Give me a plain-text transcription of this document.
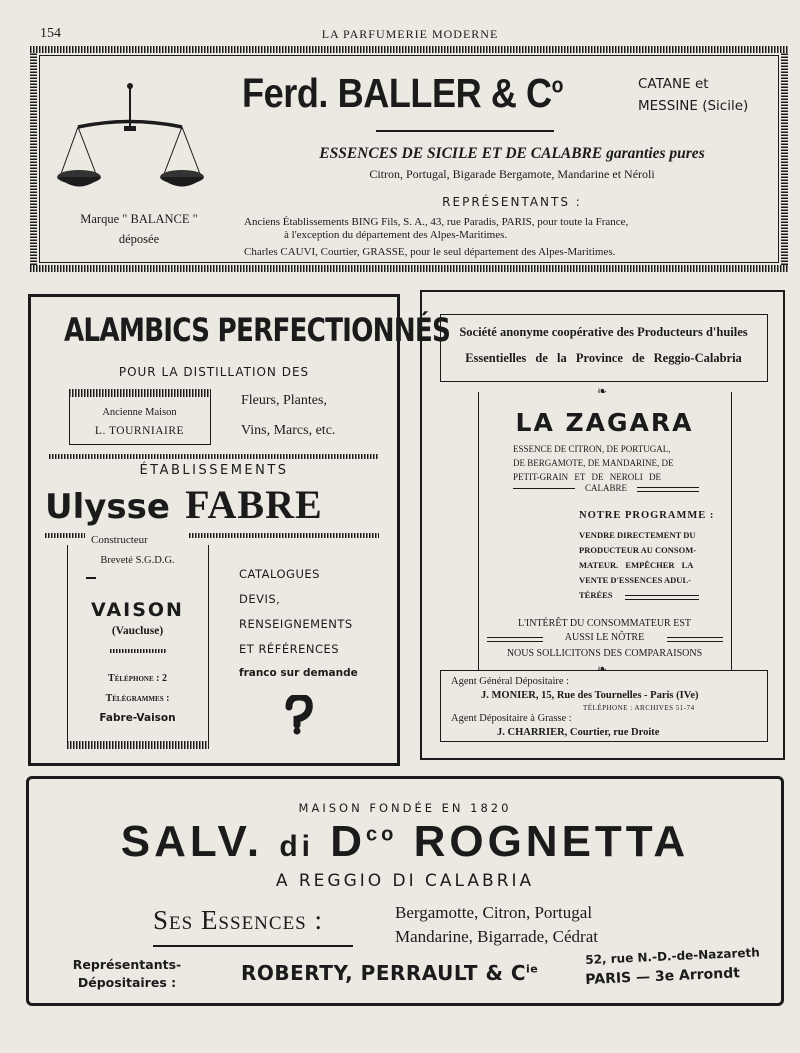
154	LA PARFUMERIE MODERNE
Marque " BALANCE "
déposée
Ferd. BALLER & $C^o$	CATANE et
MESSINE (Sicile)
ESSENCES DE SICILE ET DE CALABRE garanties pures
Citron, Portugal, Bigarade Bergamote, Mandarine et Néroli
REPRÉSENTANTS :
Anciens Établissements BING Fils, S. A., 43, rue Paradis, PARIS, pour toute la France,
à l'exception du département des Alpes-Maritimes.
Charles CAUVI, Courtier, GRASSE, pour le seul département des Alpes-Maritimes.
ALAMBICS PERFECTIONNÉS
POUR LA DISTILLATION DES
Ancienne Maison
L. TOURNIAIRE
Fleurs, Plantes,
Vins, Marcs, etc.
ÉTABLISSEMENTS
Ulysse FABRE
Constructeur
Breveté S.G.D.G.
VAISON
(Vaucluse)
Téléphone : 2
Télégrammes :
Fabre-Vaison
CATALOGUES
DEVIS,
RENSEIGNEMENTS
ET RÉFÉRENCES
franco sur demande
Société anonyme coopérative des Producteurs d'huiles
Essentielles de la Province de Reggio-Calabria
❧
LA ZAGARA
ESSENCE DE CITRON, DE PORTUGAL,
DE BERGAMOTE, DE MANDARINE, DE
PETIT-GRAIN ET DE NEROLI DE
CALABRE
NOTRE PROGRAMME :
VENDRE DIRECTEMENT DU
PRODUCTEUR AU CONSOM-
MATEUR. EMPÊCHER LA
VENTE D'ESSENCES ADUL-
TÉRÉES
L'INTÉRÊT DU CONSOMMATEUR EST
AUSSI LE NÔTRE
NOUS SOLLICITONS DES COMPARAISONS
❧
Agent Général Dépositaire :
J. MONIER, 15, Rue des Tournelles - Paris (IVe)
TÉLÉPHONE : ARCHIVES 51-74
Agent Dépositaire à Grasse :
J. CHARRIER, Courtier, rue Droite
MAISON FONDÉE EN 1820
SALV. di $D^{co}$ ROGNETTA
A REGGIO DI CALABRIA
Ses Essences :	Bergamotte, Citron, Portugal
Mandarine, Bigarrade, Cédrat
Représentants-
Dépositaires :	ROBERTY, PERRAULT & $C^{ie}$
52, rue N.-D.-de-Nazareth
PARIS — 3e Arrondt
